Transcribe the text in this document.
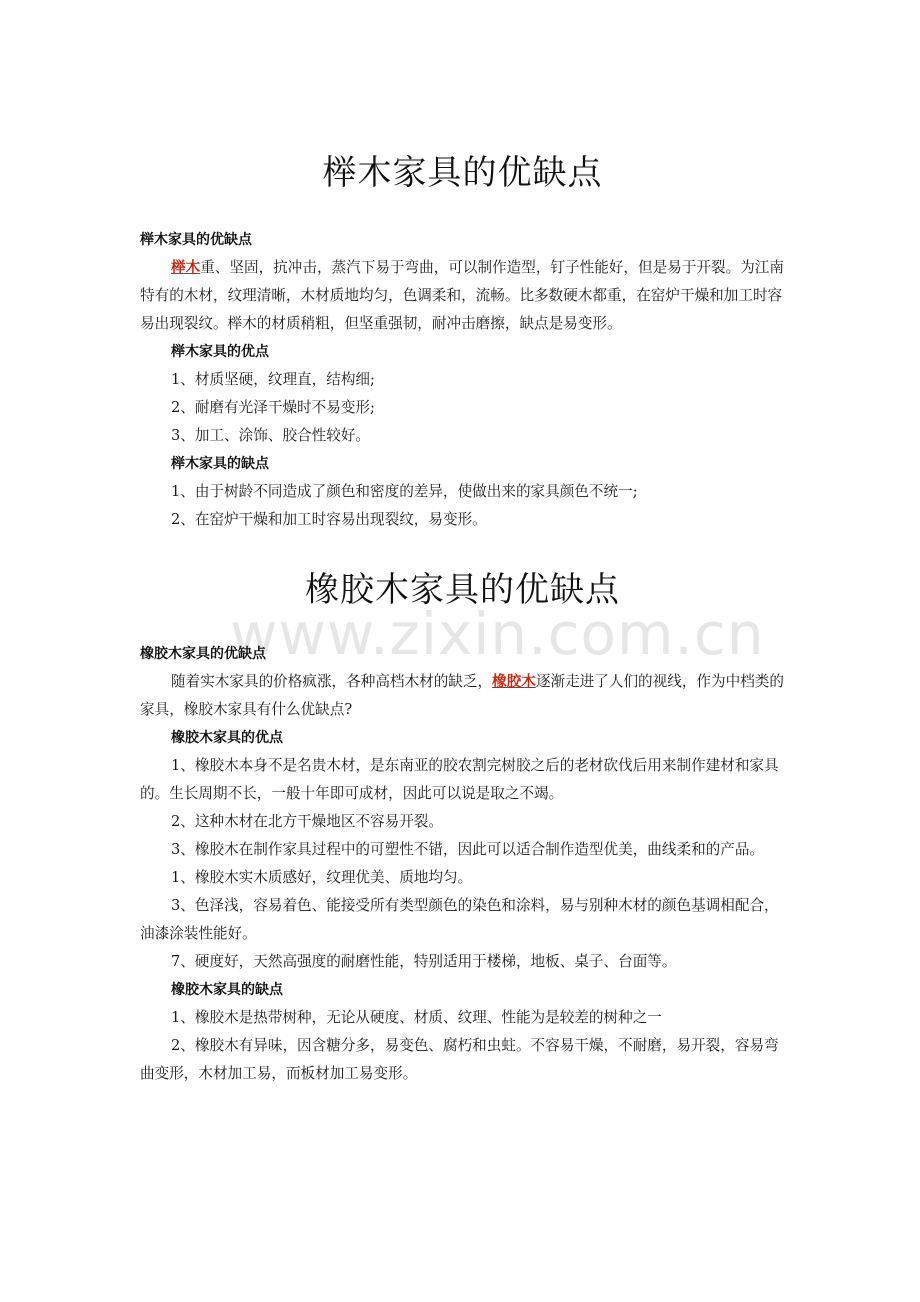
www.zixin.com.cn
榉木家具的优缺点
榉木家具的优缺点

榉木重、坚固，抗冲击，蒸汽下易于弯曲，可以制作造型，钉子性能好，但是易于开裂。为江南特有的木材，纹理清晰，木材质地均匀，色调柔和，流畅。比多数硬木都重，在窑炉干燥和加工时容易出现裂纹。榉木的材质稍粗，但坚重强韧，耐冲击磨擦，缺点是易变形。

榉木家具的优点

1、材质坚硬，纹理直，结构细;

2、耐磨有光泽干燥时不易变形;

3、加工、涂饰、胶合性较好。

榉木家具的缺点

1、由于树龄不同造成了颜色和密度的差异，使做出来的家具颜色不统一;

2、在窑炉干燥和加工时容易出现裂纹，易变形。

橡胶木家具的优缺点
橡胶木家具的优缺点

随着实木家具的价格疯涨，各种高档木材的缺乏，橡胶木逐渐走进了人们的视线，作为中档类的家具，橡胶木家具有什么优缺点?

橡胶木家具的优点

1、橡胶木本身不是名贵木材，是东南亚的胶农割完树胶之后的老材砍伐后用来制作建材和家具的。生长周期不长，一般十年即可成材，因此可以说是取之不竭。

2、这种木材在北方干燥地区不容易开裂。

3、橡胶木在制作家具过程中的可塑性不错，因此可以适合制作造型优美，曲线柔和的产品。

1、橡胶木实木质感好，纹理优美、质地均匀。

3、色泽浅，容易着色、能接受所有类型颜色的染色和涂料，易与别种木材的颜色基调相配合，油漆涂装性能好。

7、硬度好，天然高强度的耐磨性能，特别适用于楼梯，地板、桌子、台面等。

橡胶木家具的缺点

1、橡胶木是热带树种，无论从硬度、材质、纹理、性能为是较差的树种之一

2、橡胶木有异味，因含糖分多，易变色、腐朽和虫蛀。不容易干燥，不耐磨，易开裂，容易弯曲变形，木材加工易，而板材加工易变形。
